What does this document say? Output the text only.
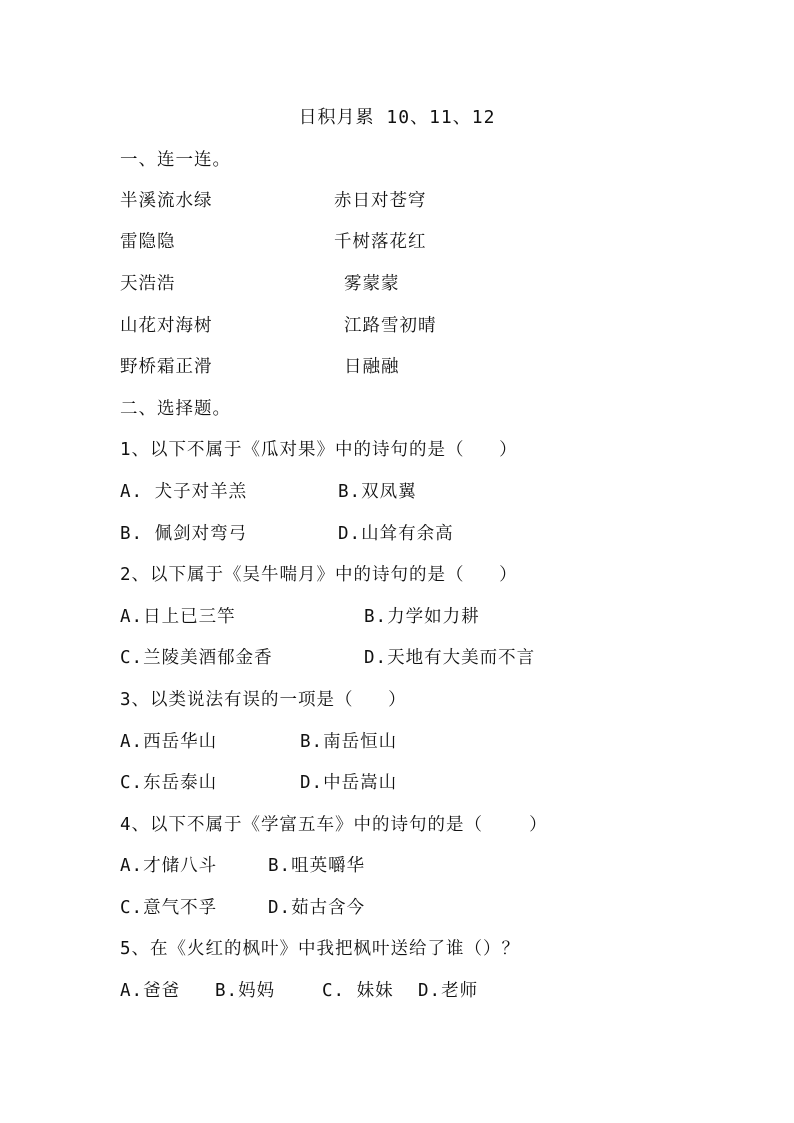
日积月累 10、11、12
一、连一连。
半溪流水绿	赤日对苍穹
雷隐隐	千树落花红
天浩浩	雾蒙蒙
山花对海树	江路雪初晴
野桥霜正滑	日融融
二、选择题。
1、以下不属于《瓜对果》中的诗句的是（   ）
A. 犬子对羊羔	B.双凤翼
B. 佩剑对弯弓	D.山耸有余高
2、以下属于《吴牛喘月》中的诗句的是（   ）
A.日上已三竿	B.力学如力耕
C.兰陵美酒郁金香	D.天地有大美而不言
3、以类说法有误的一项是（   ）
A.西岳华山	B.南岳恒山
C.东岳泰山	D.中岳嵩山
4、以下不属于《学富五车》中的诗句的是（    ）
A.才储八斗	B.咀英嚼华
C.意气不孚	D.茹古含今
5、在《火红的枫叶》中我把枫叶送给了谁（）？
A.爸爸 B.妈妈	C. 妹妹 D.老师
